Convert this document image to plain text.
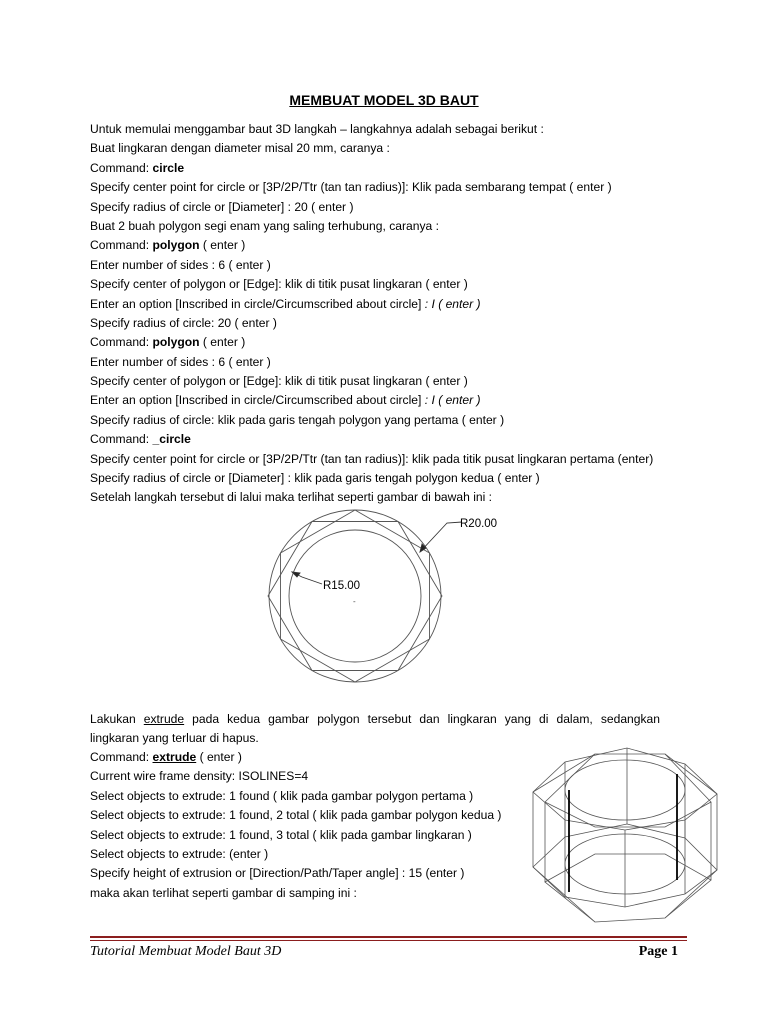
MEMBUAT MODEL 3D BAUT
Untuk memulai menggambar baut 3D langkah – langkahnya adalah sebagai berikut :
Buat lingkaran dengan diameter misal 20 mm, caranya :
Command: circle
Specify center point for circle or [3P/2P/Ttr (tan tan radius)]: Klik pada sembarang tempat ( enter )
Specify radius of circle or [Diameter] : 20 ( enter )
Buat 2 buah polygon segi enam yang saling terhubung, caranya :
Command: polygon ( enter )
Enter number of sides : 6 ( enter )
Specify center of polygon or [Edge]: klik di titik pusat lingkaran ( enter )
Enter an option [Inscribed in circle/Circumscribed about circle] : I ( enter )
Specify radius of circle: 20 ( enter )
Command: polygon ( enter )
Enter number of sides : 6 ( enter )
Specify center of polygon or [Edge]: klik di titik pusat lingkaran ( enter )
Enter an option [Inscribed in circle/Circumscribed about circle] : I ( enter )
Specify radius of circle: klik pada garis tengah polygon yang pertama ( enter )
Command: _circle
Specify center point for circle or [3P/2P/Ttr (tan tan radius)]: klik pada titik pusat lingkaran pertama (enter)
Specify radius of circle or [Diameter] : klik pada garis tengah polygon kedua ( enter )
Setelah langkah tersebut di lalui maka terlihat seperti gambar di bawah ini :
-
R20.00
R15.00
Lakukan extrude pada kedua gambar polygon tersebut dan lingkaran yang di dalam, sedangkan
lingkaran yang terluar di hapus.
Command: extrude ( enter )
Current wire frame density: ISOLINES=4
Select objects to extrude: 1 found ( klik pada gambar polygon pertama )
Select objects to extrude: 1 found, 2 total ( klik pada gambar polygon kedua )
Select objects to extrude: 1 found, 3 total ( klik pada gambar lingkaran )
Select objects to extrude: (enter )
Specify height of extrusion or [Direction/Path/Taper angle] : 15 (enter )
maka akan terlihat seperti gambar di samping ini :
Tutorial Membuat Model Baut 3D	Page 1
